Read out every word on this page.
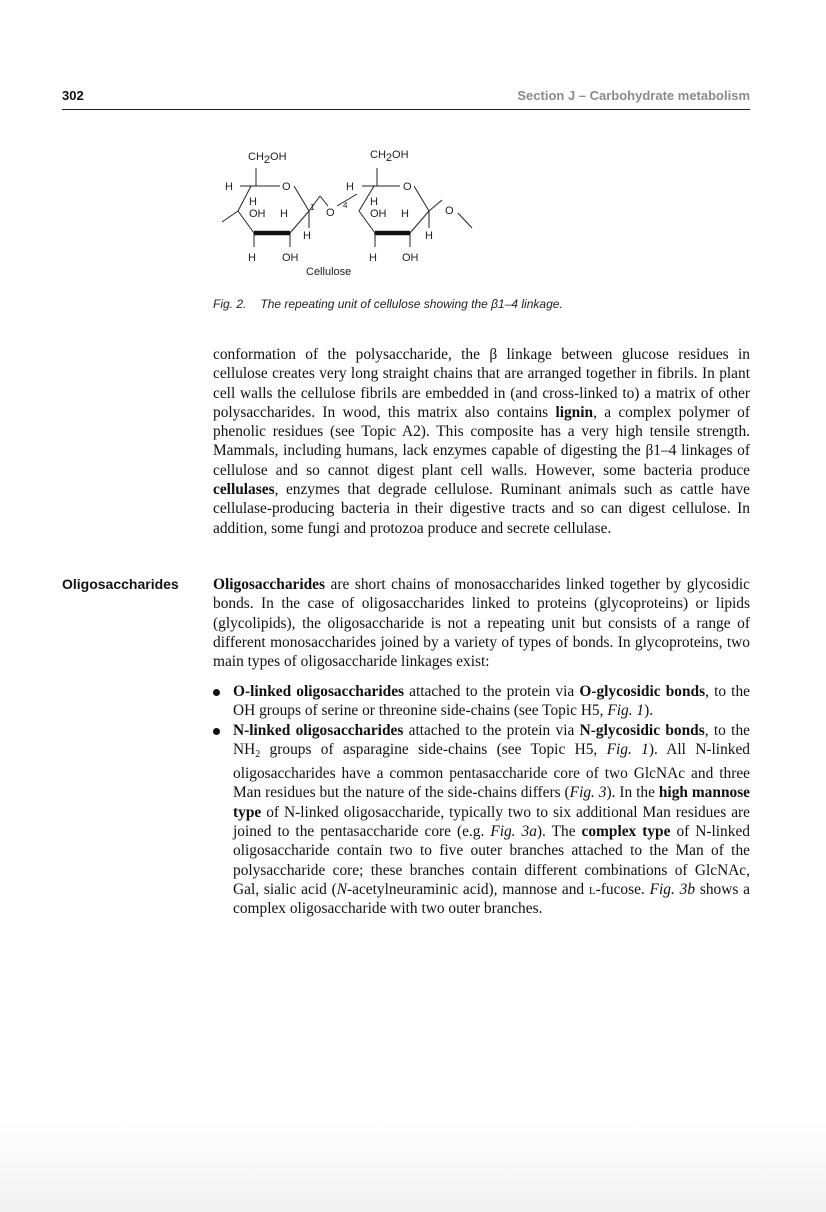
302	Section J – Carbohydrate metabolism
CH2OH
H	O
H
OH H
H
1 O
H OH
CH2OH
4
H	O
H
OH H
H
O
H OH
Cellulose
Fig. 2. The repeating unit of cellulose showing the β1–4 linkage.
conformation of the polysaccharide, the β linkage between glucose residues in cellulose creates very long straight chains that are arranged together in fibrils. In plant cell walls the cellulose fibrils are embedded in (and cross-linked to) a matrix of other polysaccharides. In wood, this matrix also contains lignin, a complex polymer of phenolic residues (see Topic A2). This composite has a very high tensile strength. Mammals, including humans, lack enzymes capable of digesting the β1–4 linkages of cellulose and so cannot digest plant cell walls. However, some bacteria produce cellulases, enzymes that degrade cellulose. Ruminant animals such as cattle have cellulase-producing bacteria in their digestive tracts and so can digest cellulose. In addition, some fungi and protozoa produce and secrete cellulase.
Oligosaccharides Oligosaccharides are short chains of monosaccharides linked together by glycosidic bonds. In the case of oligosaccharides linked to proteins (glycoproteins) or lipids (glycolipids), the oligosaccharide is not a repeating unit but consists of a range of different monosaccharides joined by a variety of types of bonds. In glycoproteins, two main types of oligosaccharide linkages exist:
O-linked oligosaccharides attached to the protein via O-glycosidic bonds, to the OH groups of serine or threonine side-chains (see Topic H5, Fig. 1).
N-linked oligosaccharides attached to the protein via N-glycosidic bonds, to the NH2 groups of asparagine side-chains (see Topic H5, Fig. 1). All N-linked oligosaccharides have a common pentasaccharide core of two GlcNAc and three Man residues but the nature of the side-chains differs (Fig. 3). In the high mannose type of N-linked oligosaccharide, typically two to six additional Man residues are joined to the pentasaccharide core (e.g. Fig. 3a). The complex type of N-linked oligosaccharide contain two to five outer branches attached to the Man of the polysaccharide core; these branches contain different combinations of GlcNAc, Gal, sialic acid (N-acetylneuraminic acid), mannose and l-fucose. Fig. 3b shows a complex oligosaccharide with two outer branches.
